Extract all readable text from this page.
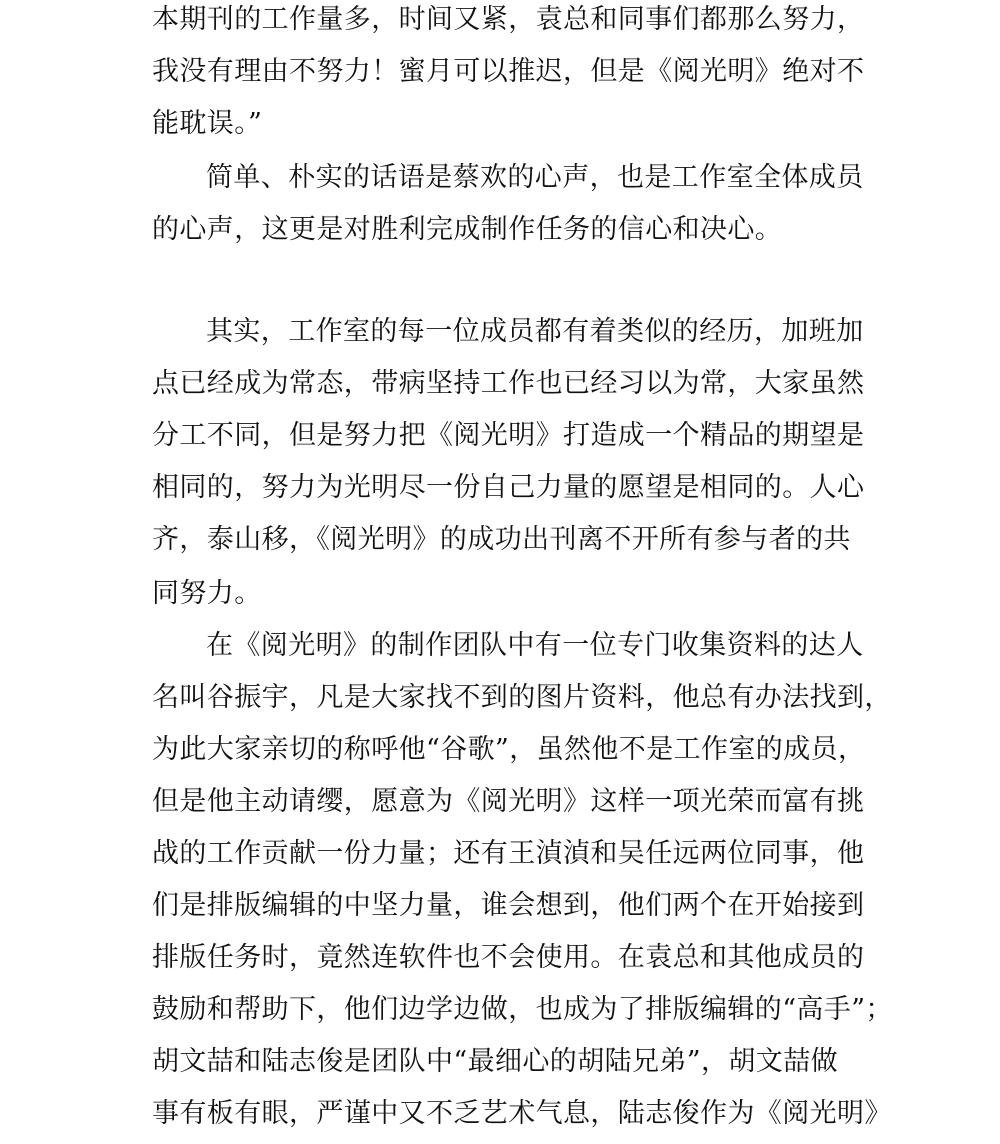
本期刊的工作量多，时间又紧，袁总和同事们都那么努力，
我没有理由不努力！蜜月可以推迟，但是《阅光明》绝对不
能耽误。”
简单、朴实的话语是蔡欢的心声，也是工作室全体成员
的心声，这更是对胜利完成制作任务的信心和决心。
其实，工作室的每一位成员都有着类似的经历，加班加
点已经成为常态，带病坚持工作也已经习以为常，大家虽然
分工不同，但是努力把《阅光明》打造成一个精品的期望是
相同的，努力为光明尽一份自己力量的愿望是相同的。人心
齐，泰山移，《阅光明》的成功出刊离不开所有参与者的共
同努力。
在《阅光明》的制作团队中有一位专门收集资料的达人
名叫谷振宇，凡是大家找不到的图片资料，他总有办法找到，
为此大家亲切的称呼他“谷歌”，虽然他不是工作室的成员，
但是他主动请缨，愿意为《阅光明》这样一项光荣而富有挑
战的工作贡献一份力量；还有王湞湞和吴任远两位同事，他
们是排版编辑的中坚力量，谁会想到，他们两个在开始接到
排版任务时，竟然连软件也不会使用。在袁总和其他成员的
鼓励和帮助下，他们边学边做，也成为了排版编辑的“高手”；
胡文喆和陆志俊是团队中“最细心的胡陆兄弟”，胡文喆做
事有板有眼，严谨中又不乏艺术气息，陆志俊作为《阅光明》
